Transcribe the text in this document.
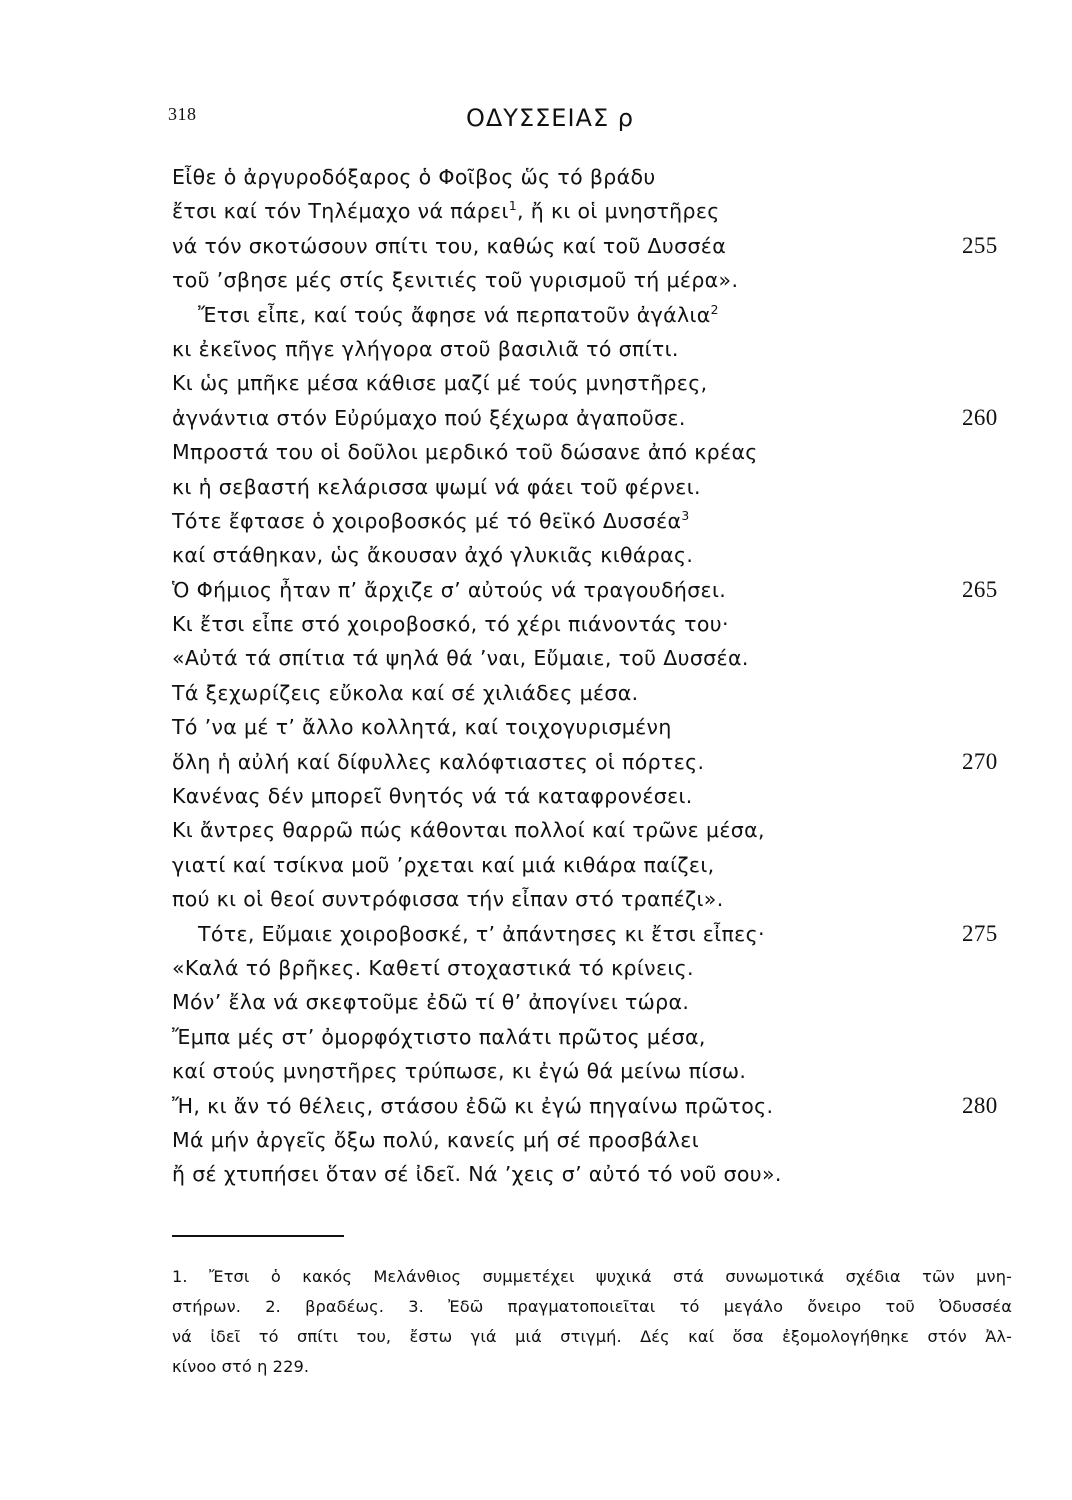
318	ΟΔΥΣΣΕΙΑΣ ρ
Εἶθε ὁ ἀργυροδόξαρος ὁ Φοῖβος ὥς τό βράδυ
ἔτσι καί τόν Τηλέμαχο νά πάρει$^1$, ἤ κι οἱ μνηστῆρες
νά τόν σκοτώσουν σπίτι του, καθώς καί τοῦ Δυσσέα	255
τοῦ ’σβησε μές στίς ξενιτιές τοῦ γυρισμοῦ τή μέρα».
Ἔτσι εἶπε, καί τούς ἄφησε νά περπατοῦν ἀγάλια$^2$
κι ἐκεῖνος πῆγε γλήγορα στοῦ βασιλιᾶ τό σπίτι.
Κι ὡς μπῆκε μέσα κάθισε μαζί μέ τούς μνηστῆρες,
ἀγνάντια στόν Εὐρύμαχο πού ξέχωρα ἀγαποῦσε.	260
Μπροστά του οἱ δοῦλοι μερδικό τοῦ δώσανε ἀπό κρέας
κι ἡ σεβαστή κελάρισσα ψωμί νά φάει τοῦ φέρνει.
Τότε ἔφτασε ὁ χοιροβοσκός μέ τό θεϊκό Δυσσέα$^3$
καί στάθηκαν, ὡς ἄκουσαν ἀχό γλυκιᾶς κιθάρας.
Ὁ Φήμιος ἦταν π’ ἄρχιζε σ’ αὐτούς νά τραγουδήσει.	265
Κι ἔτσι εἶπε στό χοιροβοσκό, τό χέρι πιάνοντάς του·
«Αὐτά τά σπίτια τά ψηλά θά ’ναι, Εὔμαιε, τοῦ Δυσσέα.
Τά ξεχωρίζεις εὔκολα καί σέ χιλιάδες μέσα.
Τό ’να μέ τ’ ἄλλο κολλητά, καί τοιχογυρισμένη
ὅλη ἡ αὐλή καί δίφυλλες καλόφτιαστες οἱ πόρτες.	270
Κανένας δέν μπορεῖ θνητός νά τά καταφρονέσει.
Κι ἄντρες θαρρῶ πώς κάθονται πολλοί καί τρῶνε μέσα,
γιατί καί τσίκνα μοῦ ’ρχεται καί μιά κιθάρα παίζει,
πού κι οἱ θεοί συντρόφισσα τήν εἶπαν στό τραπέζι».
Τότε, Εὔμαιε χοιροβοσκέ, τ’ ἀπάντησες κι ἔτσι εἶπες·	275
«Καλά τό βρῆκες. Καθετί στοχαστικά τό κρίνεις.
Μόν’ ἔλα νά σκεφτοῦμε ἐδῶ τί θ’ ἀπογίνει τώρα.
Ἔμπα μές στ’ ὀμορφόχτιστο παλάτι πρῶτος μέσα,
καί στούς μνηστῆρες τρύπωσε, κι ἐγώ θά μείνω πίσω.
Ἤ, κι ἄν τό θέλεις, στάσου ἐδῶ κι ἐγώ πηγαίνω πρῶτος.	280
Μά μήν ἀργεῖς ὄξω πολύ, κανείς μή σέ προσβάλει
ἤ σέ χτυπήσει ὅταν σέ ἰδεῖ. Νά ’χεις σ’ αὐτό τό νοῦ σου».
1. Ἔτσι ὁ κακός Μελάνθιος συμμετέχει ψυχικά στά συνωμοτικά σχέδια τῶν μνη-
στήρων. 2. βραδέως. 3. Ἐδῶ πραγματοποιεῖται τό μεγάλο ὄνειρο τοῦ Ὀδυσσέα
νά ἰδεῖ τό σπίτι του, ἔστω γιά μιά στιγμή. Δές καί ὅσα ἐξομολογήθηκε στόν Ἀλ-
κίνοο στό η 229.
